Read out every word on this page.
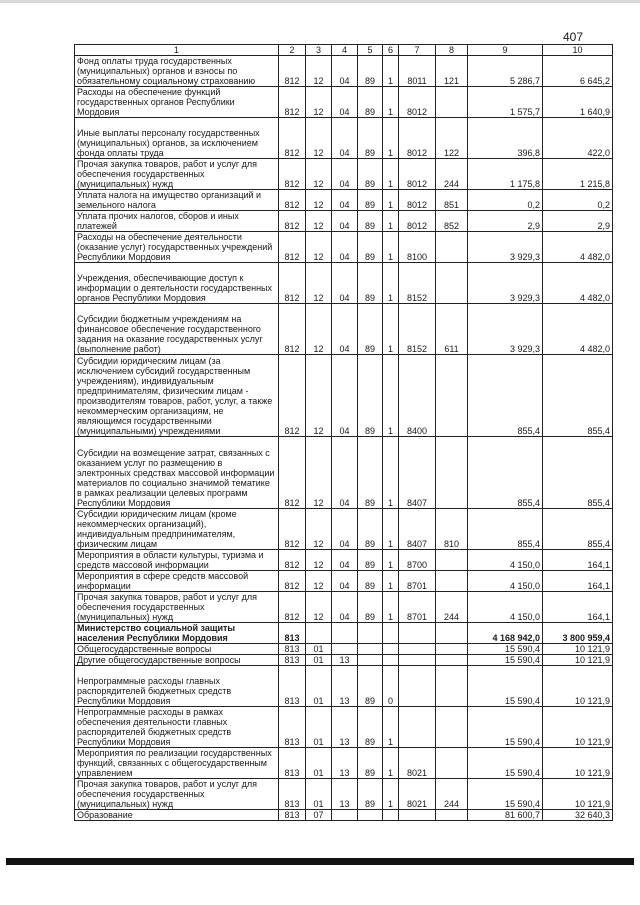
407
1	2	3	4	5	6	7	8	9	10
Фонд оплаты труда государственных (муниципальных) органов и взносы по обязательному социальному страхованию	812	12	04	89	1	8011	121	5 286,7	6 645,2
Расходы на обеспечение функций государственных органов Республики Мордовия	812	12	04	89	1	8012		1 575,7	1 640,9
Иные выплаты персоналу государственных (муниципальных) органов, за исключением фонда оплаты труда	812	12	04	89	1	8012	122	396,8	422,0
Прочая закупка товаров, работ и услуг для обеспечения государственных (муниципальных) нужд	812	12	04	89	1	8012	244	1 175,8	1 215,8
Уплата налога на имущество организаций и земельного налога	812	12	04	89	1	8012	851	0,2	0,2
Уплата прочих налогов, сборов и иных платежей	812	12	04	89	1	8012	852	2,9	2,9
Расходы на обеспечение деятельности (оказание услуг) государственных учреждений Республики Мордовия	812	12	04	89	1	8100		3 929,3	4 482,0
Учреждения, обеспечивающие доступ к информации о деятельности государственных органов Республики Мордовия	812	12	04	89	1	8152		3 929,3	4 482,0
Субсидии бюджетным учреждениям на финансовое обеспечение государственного задания на оказание государственных услуг (выполнение работ)	812	12	04	89	1	8152	611	3 929,3	4 482,0
Субсидии юридическим лицам (за исключением субсидий государственным учреждениям), индивидуальным предпринимателям, физическим лицам - производителям товаров, работ, услуг, а также некоммерческим организациям, не являющимся государственными (муниципальными) учреждениями	812	12	04	89	1	8400		855,4	855,4
Субсидии на возмещение затрат, связанных с оказанием услуг по размещению в электронных средствах массовой информации материалов по социально значимой тематике в рамках реализации целевых программ Республики Мордовия	812	12	04	89	1	8407		855,4	855,4
Субсидии юридическим лицам (кроме некоммерческих организаций), индивидуальным предпринимателям, физическим лицам	812	12	04	89	1	8407	810	855,4	855,4
Мероприятия в области культуры, туризма и средств массовой информации	812	12	04	89	1	8700		4 150,0	164,1
Мероприятия в сфере средств массовой информации	812	12	04	89	1	8701		4 150,0	164,1
Прочая закупка товаров, работ и услуг для обеспечения государственных (муниципальных) нужд	812	12	04	89	1	8701	244	4 150,0	164,1
Министерство социальной защиты населения Республики Мордовия	813							4 168 942,0	3 800 959,4
Общегосударственные вопросы	813	01						15 590,4	10 121,9
Другие общегосударственные вопросы	813	01	13					15 590,4	10 121,9
Непрограммные расходы главных распорядителей бюджетных средств Республики Мордовия	813	01	13	89	0			15 590,4	10 121,9
Непрограммные расходы в рамках обеспечения деятельности главных распорядителей бюджетных средств Республики Мордовия	813	01	13	89	1			15 590,4	10 121,9
Мероприятия по реализации государственных функций, связанных с общегосударственным управлением	813	01	13	89	1	8021		15 590,4	10 121,9
Прочая закупка товаров, работ и услуг для обеспечения государственных (муниципальных) нужд	813	01	13	89	1	8021	244	15 590,4	10 121,9
Образование	813	07						81 600,7	32 640,3
